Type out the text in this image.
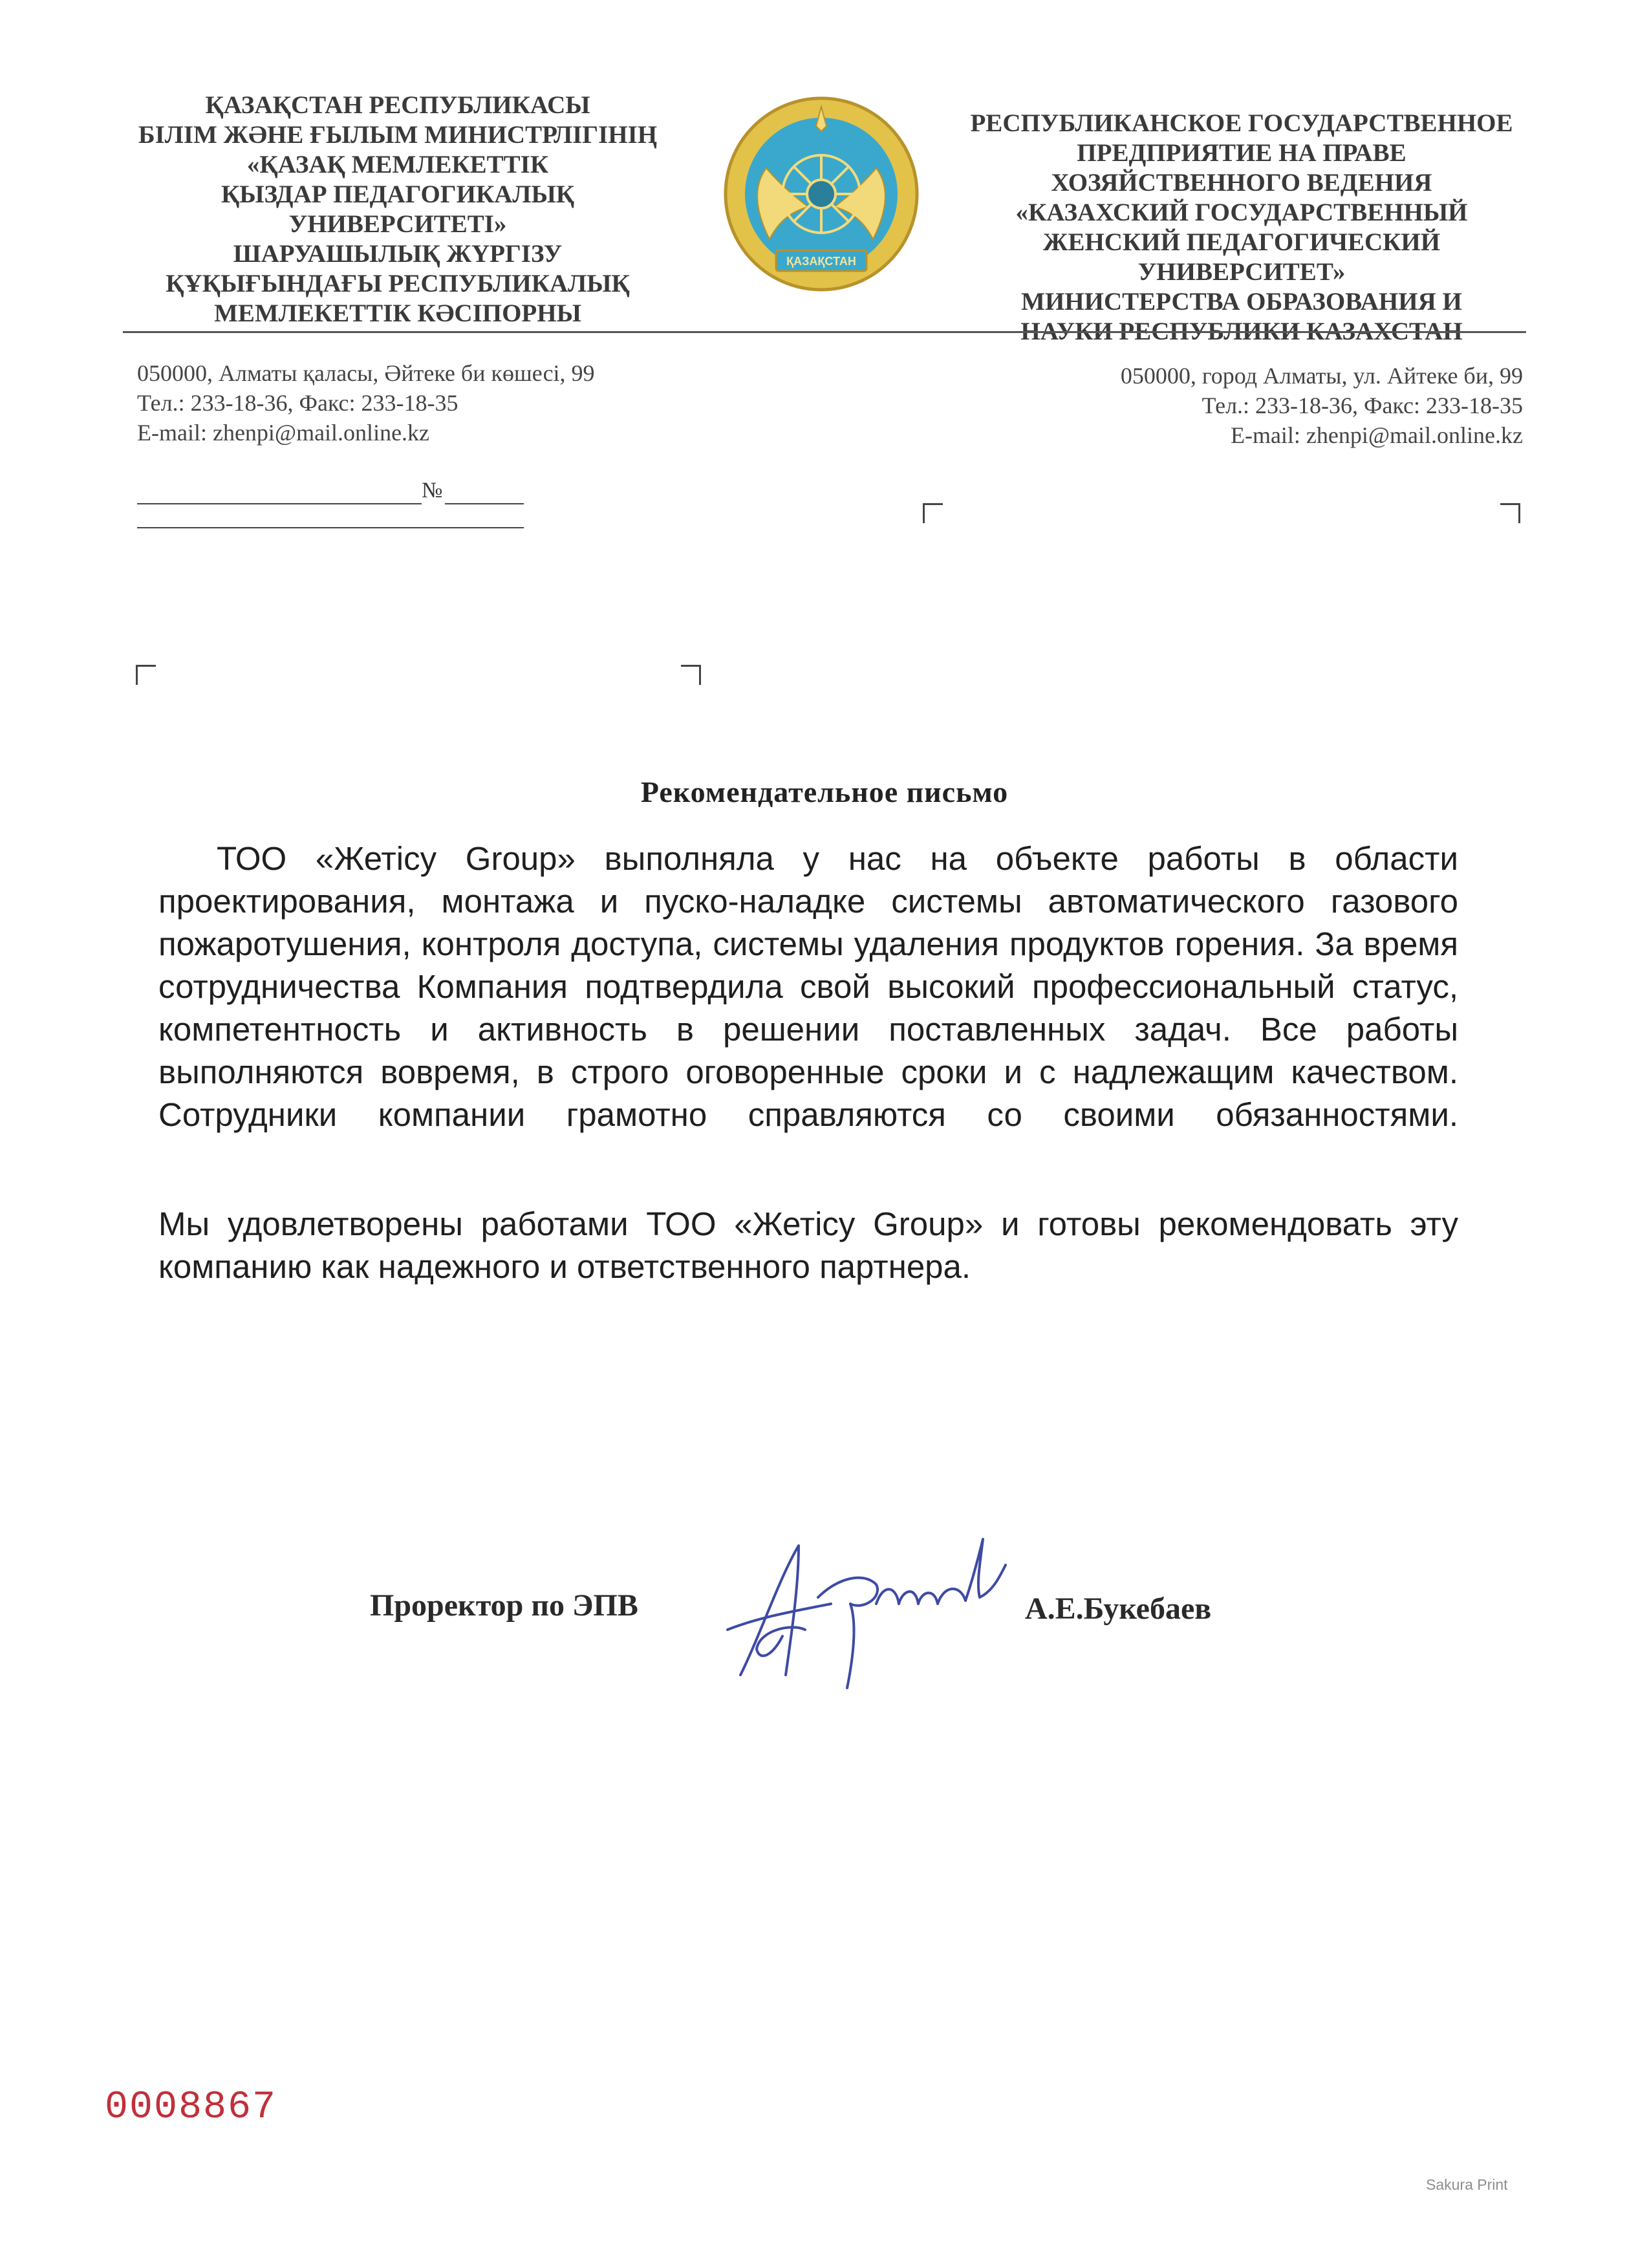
ҚАЗАҚСТАН РЕСПУБЛИКАСЫ
БІЛІМ ЖӘНЕ ҒЫЛЫМ МИНИСТРЛІГІНІҢ
«ҚАЗАҚ МЕМЛЕКЕТТІК
ҚЫЗДАР ПЕДАГОГИКАЛЫҚ
УНИВЕРСИТЕТІ»
ШАРУАШЫЛЫҚ ЖҮРГІЗУ
ҚҰҚЫҒЫНДАҒЫ РЕСПУБЛИКАЛЫҚ
МЕМЛЕКЕТТІК КӘСІПОРНЫ
ҚАЗАҚСТАН
РЕСПУБЛИКАНСКОЕ ГОСУДАРСТВЕННОЕ
ПРЕДПРИЯТИЕ НА ПРАВЕ
ХОЗЯЙСТВЕННОГО ВЕДЕНИЯ
«КАЗАХСКИЙ ГОСУДАРСТВЕННЫЙ
ЖЕНСКИЙ ПЕДАГОГИЧЕСКИЙ
УНИВЕРСИТЕТ»
МИНИСТЕРСТВА ОБРАЗОВАНИЯ И
НАУКИ РЕСПУБЛИКИ КАЗАХСТАН
050000, Алматы қаласы, Әйтеке би көшесі, 99
Тел.: 233-18-36, Факс: 233-18-35
E-mail: zhenpi@mail.online.kz
050000, город Алматы, ул. Айтеке би, 99
Тел.: 233-18-36, Факс: 233-18-35
E-mail: zhenpi@mail.online.kz
№
Рекомендательное письмо
ТОО «Жетісу Group» выполняла у нас на объекте работы в области
проектирования, монтажа и пуско-наладке системы автоматического газового
пожаротушения, контроля доступа, системы удаления продуктов горения. За время
сотрудничества Компания подтвердила свой высокий профессиональный статус,
компетентность и активность в решении поставленных задач. Все работы
выполняются вовремя, в строго оговоренные сроки и с надлежащим качеством.
Сотрудники компании грамотно справляются со своими обязанностями.
Мы удовлетворены работами ТОО «Жетісу Group» и готовы рекомендовать эту
компанию как надежного и ответственного партнера.
Проректор по ЭПВ	А.Е.Букебаев
0008867
Sakura Print
